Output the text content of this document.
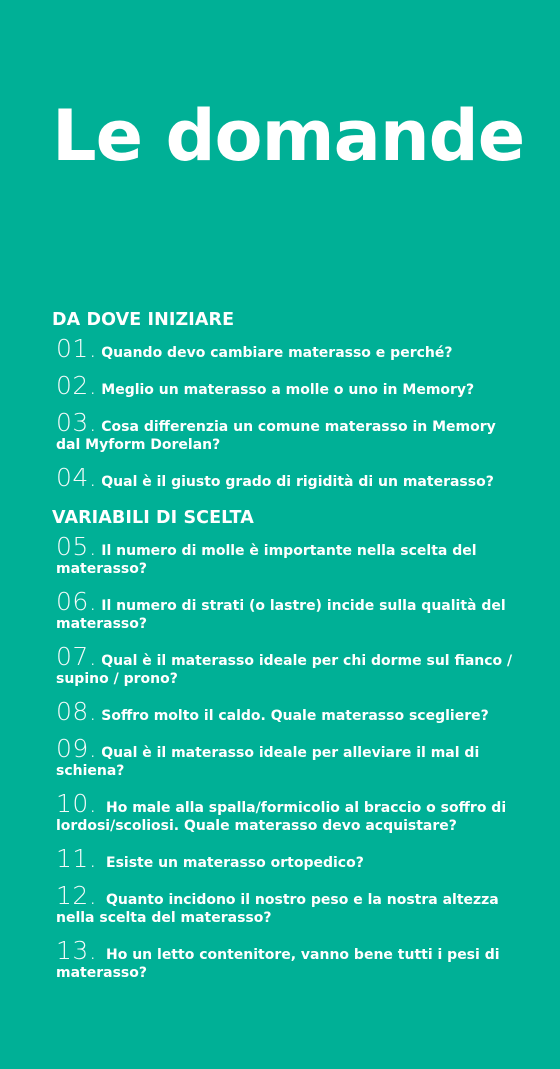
Le domande
DA DOVE INIZIARE
01. Quando devo cambiare materasso e perché?
02. Meglio un materasso a molle o uno in Memory?
03. Cosa differenzia un comune materasso in Memory dal Myform Dorelan?
04. Qual è il giusto grado di rigidità di un materasso?
VARIABILI DI SCELTA
05. Il numero di molle è importante nella scelta del materasso?
06. Il numero di strati (o lastre) incide sulla qualità del materasso?
07. Qual è il materasso ideale per chi dorme sul fianco / supino / prono?
08. Soffro molto il caldo. Quale materasso scegliere?
09. Qual è il materasso ideale per alleviare il mal di schiena?
10. Ho male alla spalla/formicolio al braccio o soffro di lordosi/scoliosi. Quale materasso devo acquistare?
11. Esiste un materasso ortopedico?
12. Quanto incidono il nostro peso e la nostra altezza nella scelta del materasso?
13. Ho un letto contenitore, vanno bene tutti i pesi di materasso?
